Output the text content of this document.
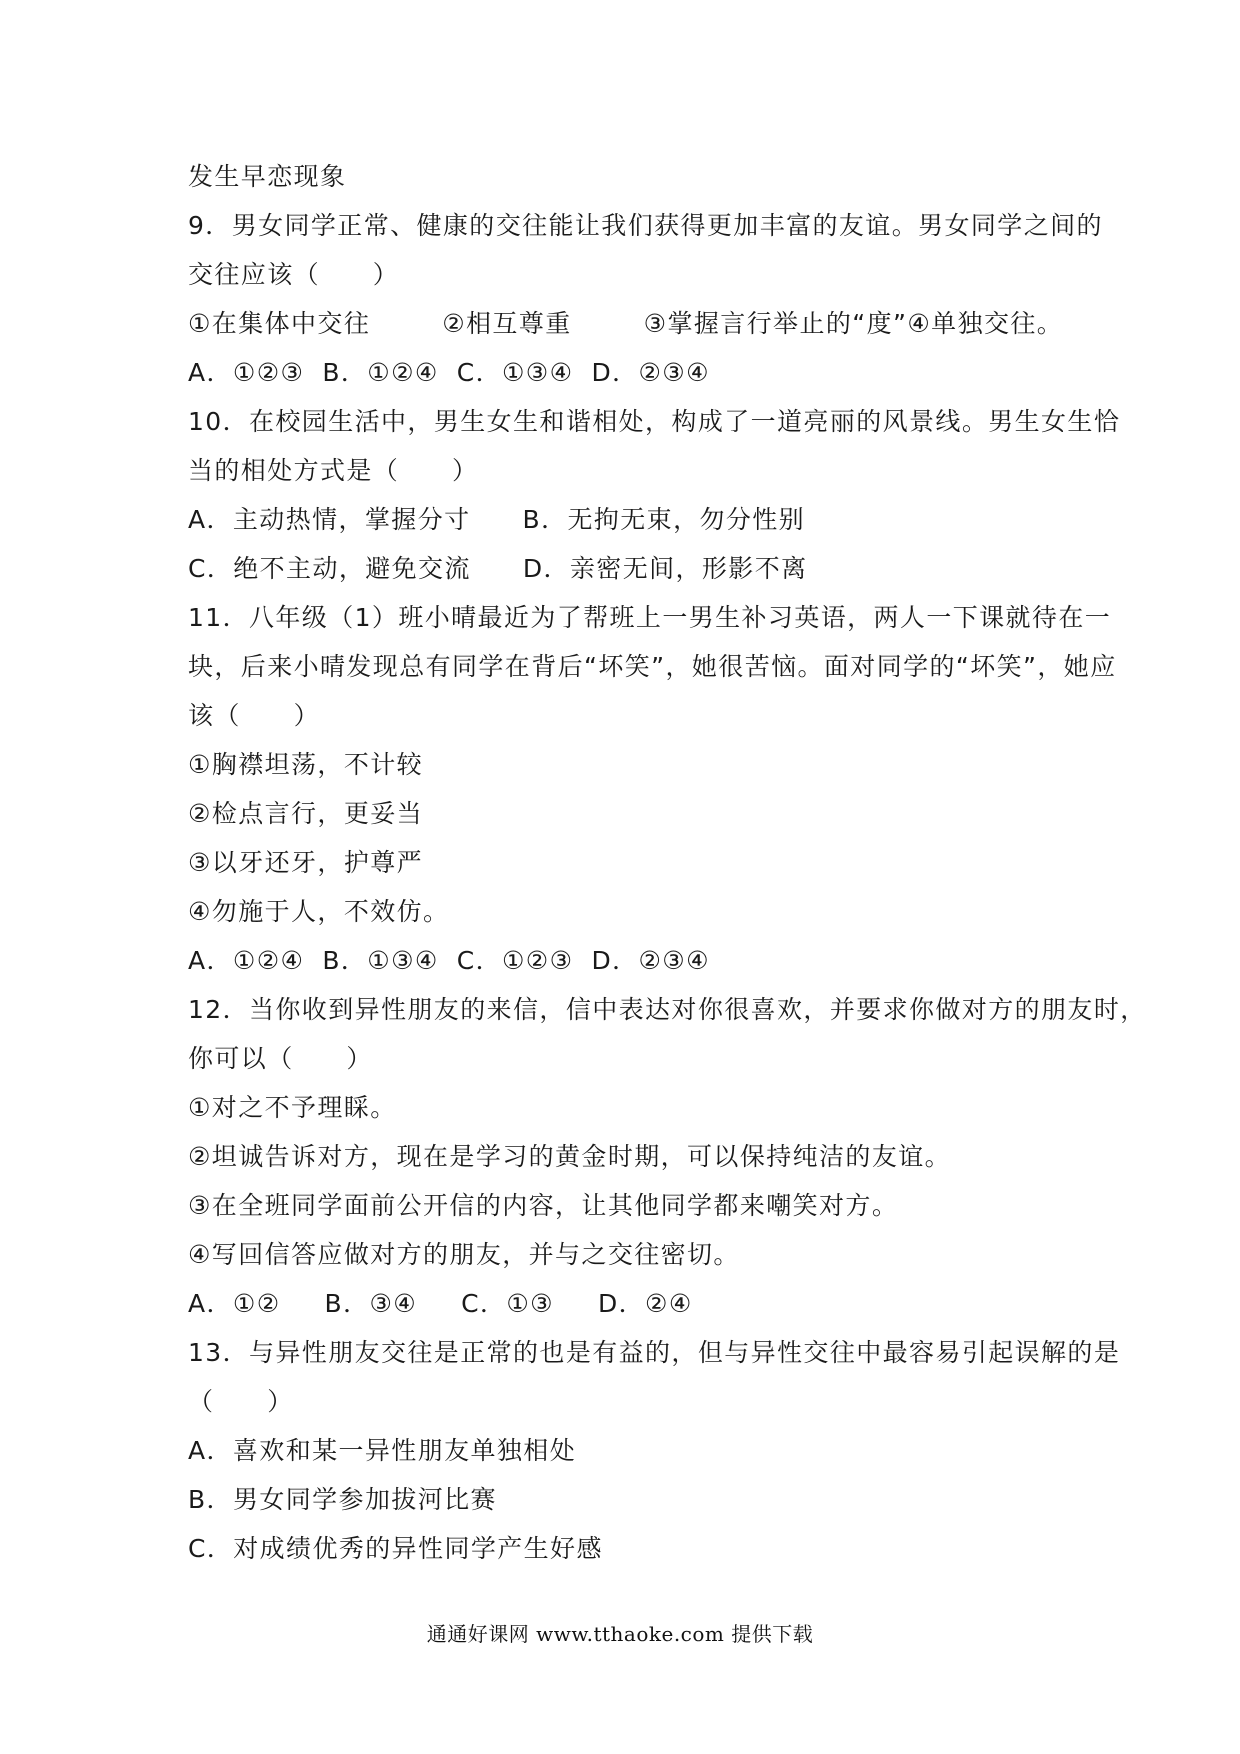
发生早恋现象
9．男女同学正常、健康的交往能让我们获得更加丰富的友谊。男女同学之间的
交往应该（　　）
①在集体中交往	②相互尊重	③掌握言行举止的“度”④单独交往。
A．①②③ B．①②④ C．①③④ D．②③④
10．在校园生活中，男生女生和谐相处，构成了一道亮丽的风景线。男生女生恰
当的相处方式是（　　）
A．主动热情，掌握分寸 B．无拘无束，勿分性别
C．绝不主动，避免交流 D．亲密无间，形影不离
11．八年级（1）班小晴最近为了帮班上一男生补习英语，两人一下课就待在一
块，后来小晴发现总有同学在背后“坏笑”，她很苦恼。面对同学的“坏笑”，她应
该（　　）
①胸襟坦荡，不计较
②检点言行，更妥当
③以牙还牙，护尊严
④勿施于人，不效仿。
A．①②④ B．①③④ C．①②③ D．②③④
12．当你收到异性朋友的来信，信中表达对你很喜欢，并要求你做对方的朋友时，
你可以（　　）
①对之不予理睬。
②坦诚告诉对方，现在是学习的黄金时期，可以保持纯洁的友谊。
③在全班同学面前公开信的内容，让其他同学都来嘲笑对方。
④写回信答应做对方的朋友，并与之交往密切。
A．①② B．③④ C．①③ D．②④
13．与异性朋友交往是正常的也是有益的，但与异性交往中最容易引起误解的是
（　　）
A．喜欢和某一异性朋友单独相处
B．男女同学参加拔河比赛
C．对成绩优秀的异性同学产生好感
通通好课网 www.tthaoke.com 提供下载
